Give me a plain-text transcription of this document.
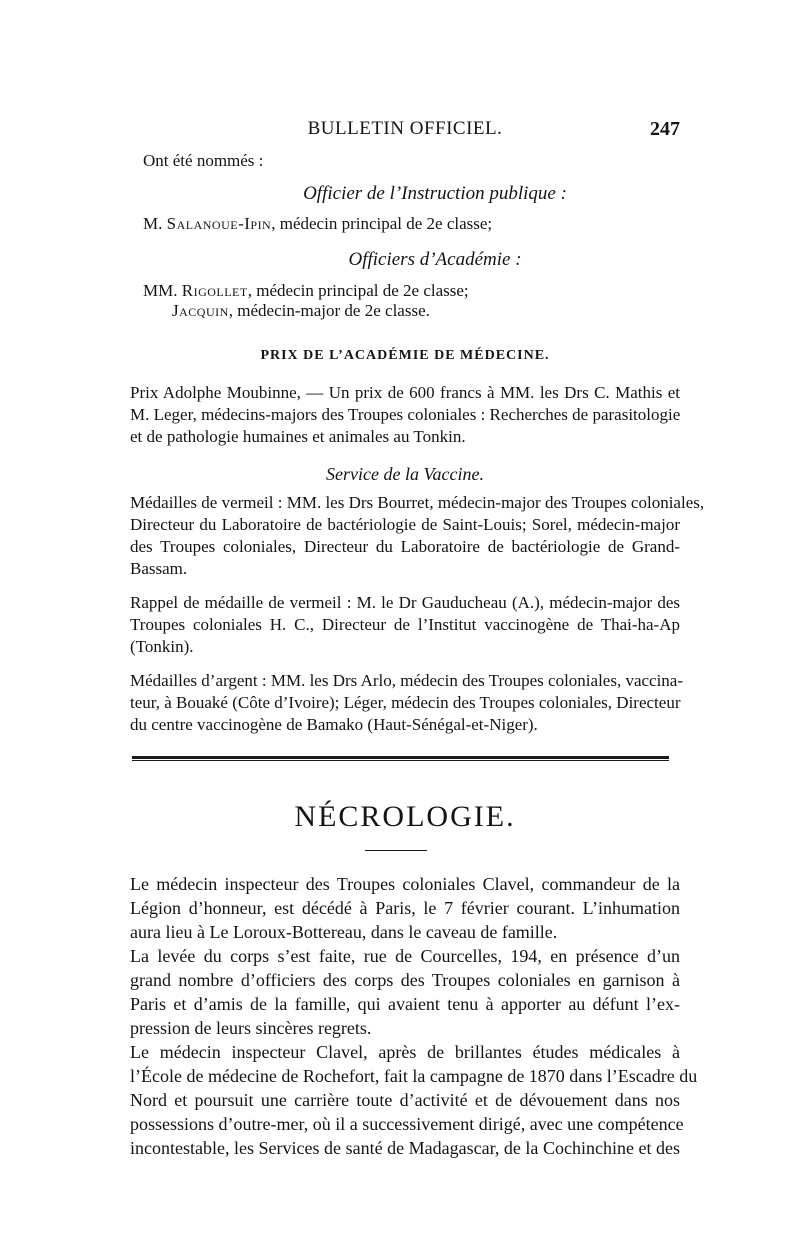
BULLETIN OFFICIEL.	247
Ont été nommés :
Officier de l’Instruction publique :
M. Salanoue-Ipin, médecin principal de 2e classe;
Officiers d’Académie :
MM. Rigollet, médecin principal de 2e classe;
Jacquin, médecin-major de 2e classe.
PRIX DE L’ACADÉMIE DE MÉDECINE.
Prix Adolphe Moubinne, — Un prix de 600 francs à MM. les Drs C. Mathis et
M. Leger, médecins-majors des Troupes coloniales : Recherches de parasitologie
et de pathologie humaines et animales au Tonkin.
Service de la Vaccine.
Médailles de vermeil : MM. les Drs Bourret, médecin-major des Troupes coloniales,
Directeur du Laboratoire de bactériologie de Saint-Louis; Sorel, médecin-major
des Troupes coloniales, Directeur du Laboratoire de bactériologie de Grand-
Bassam.
Rappel de médaille de vermeil : M. le Dr Gauducheau (A.), médecin-major des
Troupes coloniales H. C., Directeur de l’Institut vaccinogène de Thai-ha-Ap
(Tonkin).
Médailles d’argent : MM. les Drs Arlo, médecin des Troupes coloniales, vaccina-
teur, à Bouaké (Côte d’Ivoire); Léger, médecin des Troupes coloniales, Directeur
du centre vaccinogène de Bamako (Haut-Sénégal-et-Niger).
NÉCROLOGIE.
Le médecin inspecteur des Troupes coloniales Clavel, commandeur de la
Légion d’honneur, est décédé à Paris, le 7 février courant. L’inhumation
aura lieu à Le Loroux-Bottereau, dans le caveau de famille.
La levée du corps s’est faite, rue de Courcelles, 194, en présence d’un
grand nombre d’officiers des corps des Troupes coloniales en garnison à
Paris et d’amis de la famille, qui avaient tenu à apporter au défunt l’ex-
pression de leurs sincères regrets.
Le médecin inspecteur Clavel, après de brillantes études médicales à
l’École de médecine de Rochefort, fait la campagne de 1870 dans l’Escadre du
Nord et poursuit une carrière toute d’activité et de dévouement dans nos
possessions d’outre-mer, où il a successivement dirigé, avec une compétence
incontestable, les Services de santé de Madagascar, de la Cochinchine et des
